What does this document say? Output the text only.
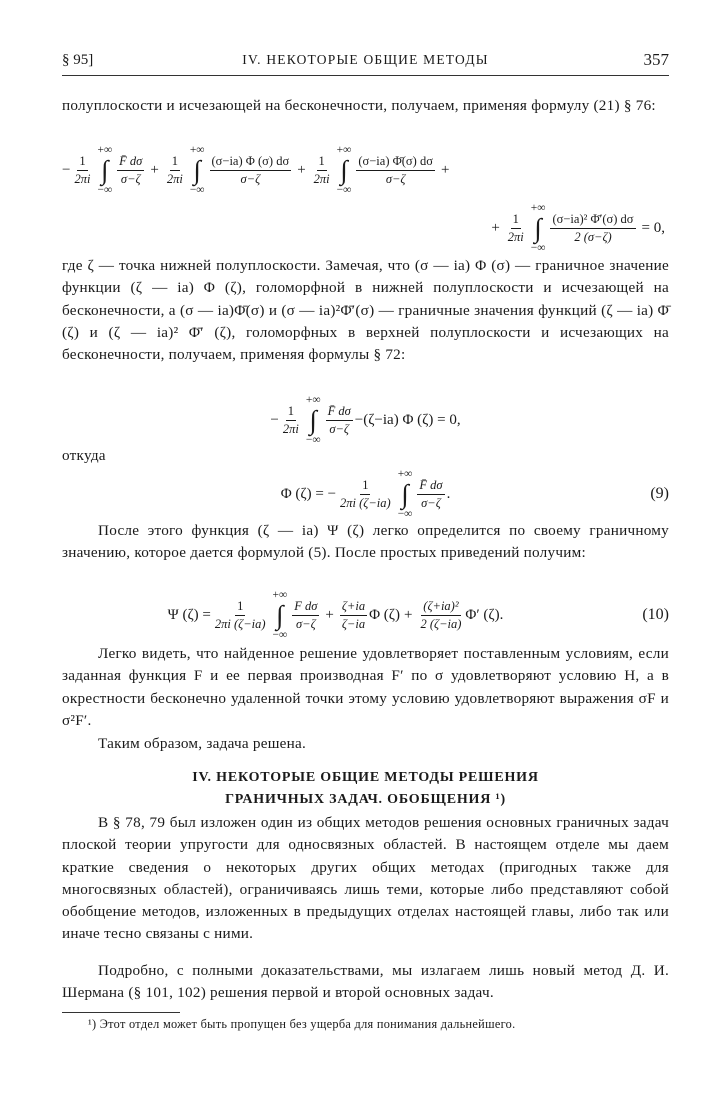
§ 95]	IV. НЕКОТОРЫЕ ОБЩИЕ МЕТОДЫ	357
полуплоскости и исчезающей на бесконечности, получаем, применяя формулу (21) § 76:
− $\frac{1}{2\pi i}$
+∞
∫
−∞
$\frac{F̄ d\sigma}{\sigma-\zeta} + \frac{1}{2\pi i}$
+∞
∫
−∞
$\frac{(\sigma-ia) \Phi (\sigma) d\sigma}{\sigma-\zeta} + \frac{1}{2\pi i}$
+∞
∫
−∞
$\frac{(\sigma-ia) \Phī(\sigma) d\sigma}{\sigma-\zeta}$ +
+ $\frac{1}{2\pi i}$
+∞
∫
−∞
$\frac{\text{(σ−ia)² Φ̄′(σ) dσ}}{2 (\sigma-\zeta)} = 0$,
где ζ — точка нижней полуплоскости. Замечая, что (σ — ia) Φ (σ) — граничное значение функции (ζ — ia) Φ (ζ), голоморфной в нижней полуплоскости и исчезающей на бесконечности, а (σ — ia)Φ̄(σ) и (σ — ia)²Φ̄′(σ) — граничные значения функций (ζ — ia) Φ̄ (ζ) и (ζ — ia)² Φ̄′ (ζ), голоморфных в верхней полуплоскости и исчезающих на бесконечности, получаем, применяя формулы § 72:
− $\frac{1}{2\pi i}$
+∞
∫
−∞
$\frac{F̄ d\sigma}{\sigma-\zeta} -(\zeta-ia)$ Φ (ζ) = 0,
откуда
Φ (ζ) = − $\frac{1}{2\pi i (\zeta-ia)}$
+∞
∫
−∞
$\frac{F̄ d\sigma}{\sigma-\zeta}$ .	(9)
После этого функция (ζ — ia) Ψ (ζ) легко определится по своему граничному значению, которое дается формулой (5). После простых приведений получим:
Ψ $(\zeta) = \frac{1}{2\pi i (\zeta-ia)}$
+∞
∫
−∞
$\frac{\text{F dσ}}{\sigma-\zeta} + \frac{\zeta+ia}{\zeta-ia}$ Φ $(\zeta) + \frac{\text{(ζ+ia)²}}{2 (\zeta-ia)} \Phi'$ (ζ).	(10)
Легко видеть, что найденное решение удовлетворяет поставленным условиям, если заданная функция F и ее первая производная F′ по σ удовлетворяют условию H, а в окрестности бесконечно удаленной точки этому условию удовлетворяют выражения σF и σ²F′.
Таким образом, задача решена.
IV. НЕКОТОРЫЕ ОБЩИЕ МЕТОДЫ РЕШЕНИЯ
ГРАНИЧНЫХ ЗАДАЧ. ОБОБЩЕНИЯ ¹)
В § 78, 79 был изложен один из общих методов решения основных граничных задач плоской теории упругости для односвязных областей. В настоящем отделе мы даем краткие сведения о некоторых других общих методах (пригодных также для многосвязных областей), ограничиваясь лишь теми, которые либо представляют собой обобщение методов, изложенных в предыдущих отделах настоящей главы, либо так или иначе тесно связаны с ними.
Подробно, с полными доказательствами, мы излагаем лишь новый метод Д. И. Шермана (§ 101, 102) решения первой и второй основных задач.
¹) Этот отдел может быть пропущен без ущерба для понимания дальнейшего.
